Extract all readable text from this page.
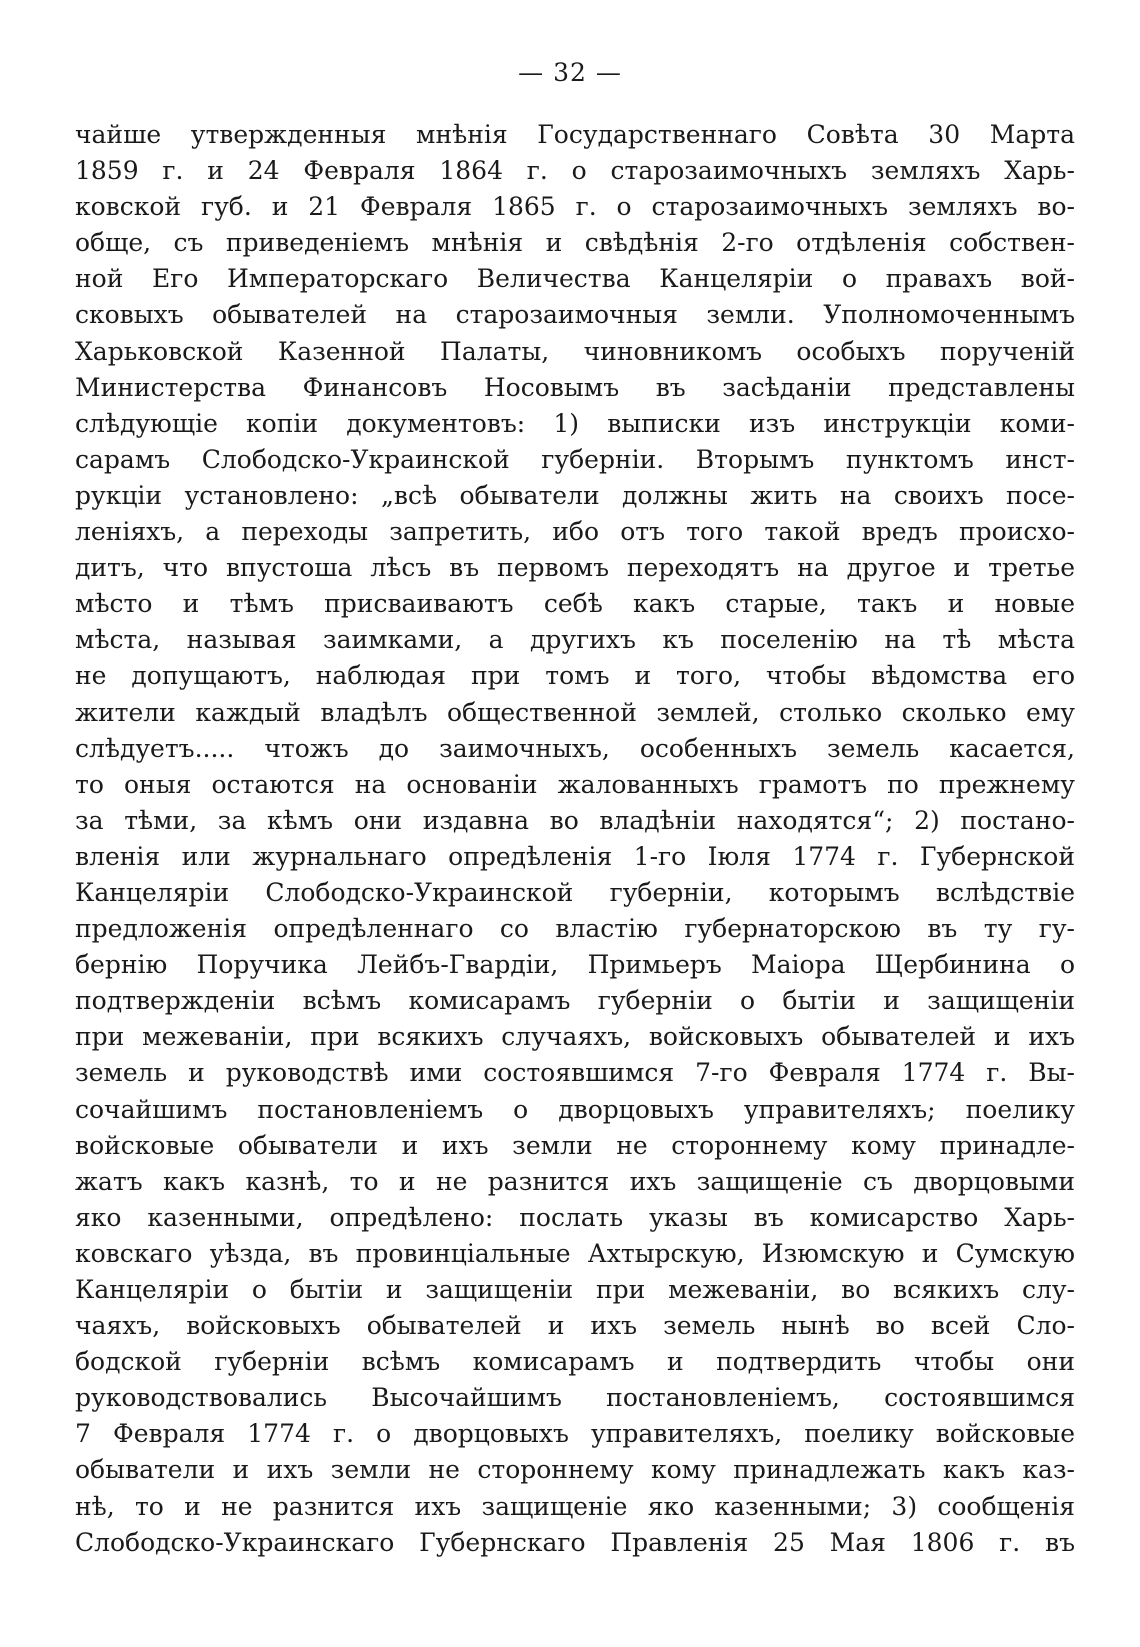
— 32 —
чайше утвержденныя мнѣнія Государственнаго Совѣта 30 Марта
1859 г. и 24 Февраля 1864 г. о старозаимочныхъ земляхъ Харь-
ковской губ. и 21 Февраля 1865 г. о старозаимочныхъ земляхъ во-
обще, съ приведеніемъ мнѣнія и свѣдѣнія 2-го отдѣленія собствен-
ной Его Императорскаго Величества Канцеляріи о правахъ вой-
сковыхъ обывателей на старозаимочныя земли. Уполномоченнымъ
Харьковской Казенной Палаты, чиновникомъ особыхъ порученій
Министерства Финансовъ Носовымъ въ засѣданіи представлены
слѣдующіе копіи документовъ: 1) выписки изъ инструкціи коми-
сарамъ Слободско-Украинской губерніи. Вторымъ пунктомъ инст-
рукціи установлено: „всѣ обыватели должны жить на своихъ посе-
леніяхъ, а переходы запретить, ибо отъ того такой вредъ происхо-
дитъ, что впустоша лѣсъ въ первомъ переходятъ на другое и третье
мѣсто и тѣмъ присваиваютъ себѣ какъ старые, такъ и новые
мѣста, называя заимками, а другихъ къ поселенію на тѣ мѣста
не допущаютъ, наблюдая при томъ и того, чтобы вѣдомства его
жители каждый владѣлъ общественной землей, столько сколько ему
слѣдуетъ..... чтожъ до заимочныхъ, особенныхъ земель касается,
то оныя остаются на основаніи жалованныхъ грамотъ по прежнему
за тѣми, за кѣмъ они издавна во владѣніи находятся“; 2) постано-
вленія или журнальнаго опредѣленія 1-го Іюля 1774 г. Губернской
Канцеляріи Слободско-Украинской губерніи, которымъ вслѣдствіе
предложенія опредѣленнаго со властію губернаторскою въ ту гу-
бернію Поручика Лейбъ-Гвардіи, Примьеръ Маіора Щербинина о
подтвержденіи всѣмъ комисарамъ губерніи о бытіи и защищеніи
при межеваніи, при всякихъ случаяхъ, войсковыхъ обывателей и ихъ
земель и руководствѣ ими состоявшимся 7-го Февраля 1774 г. Вы-
сочайшимъ постановленіемъ о дворцовыхъ управителяхъ; поелику
войсковые обыватели и ихъ земли не стороннему кому принадле-
жатъ какъ казнѣ, то и не разнится ихъ защищеніе съ дворцовыми
яко казенными, опредѣлено: послать указы въ комисарство Харь-
ковскаго уѣзда, въ провинціальные Ахтырскую, Изюмскую и Сумскую
Канцеляріи о бытіи и защищеніи при межеваніи, во всякихъ слу-
чаяхъ, войсковыхъ обывателей и ихъ земель нынѣ во всей Сло-
бодской губерніи всѣмъ комисарамъ и подтвердить чтобы они
руководствовались Высочайшимъ постановленіемъ, состоявшимся
7 Февраля 1774 г. о дворцовыхъ управителяхъ, поелику войсковые
обыватели и ихъ земли не стороннему кому принадлежать какъ каз-
нѣ, то и не разнится ихъ защищеніе яко казенными; 3) сообщенія
Слободско-Украинскаго Губернскаго Правленія 25 Мая 1806 г. въ
